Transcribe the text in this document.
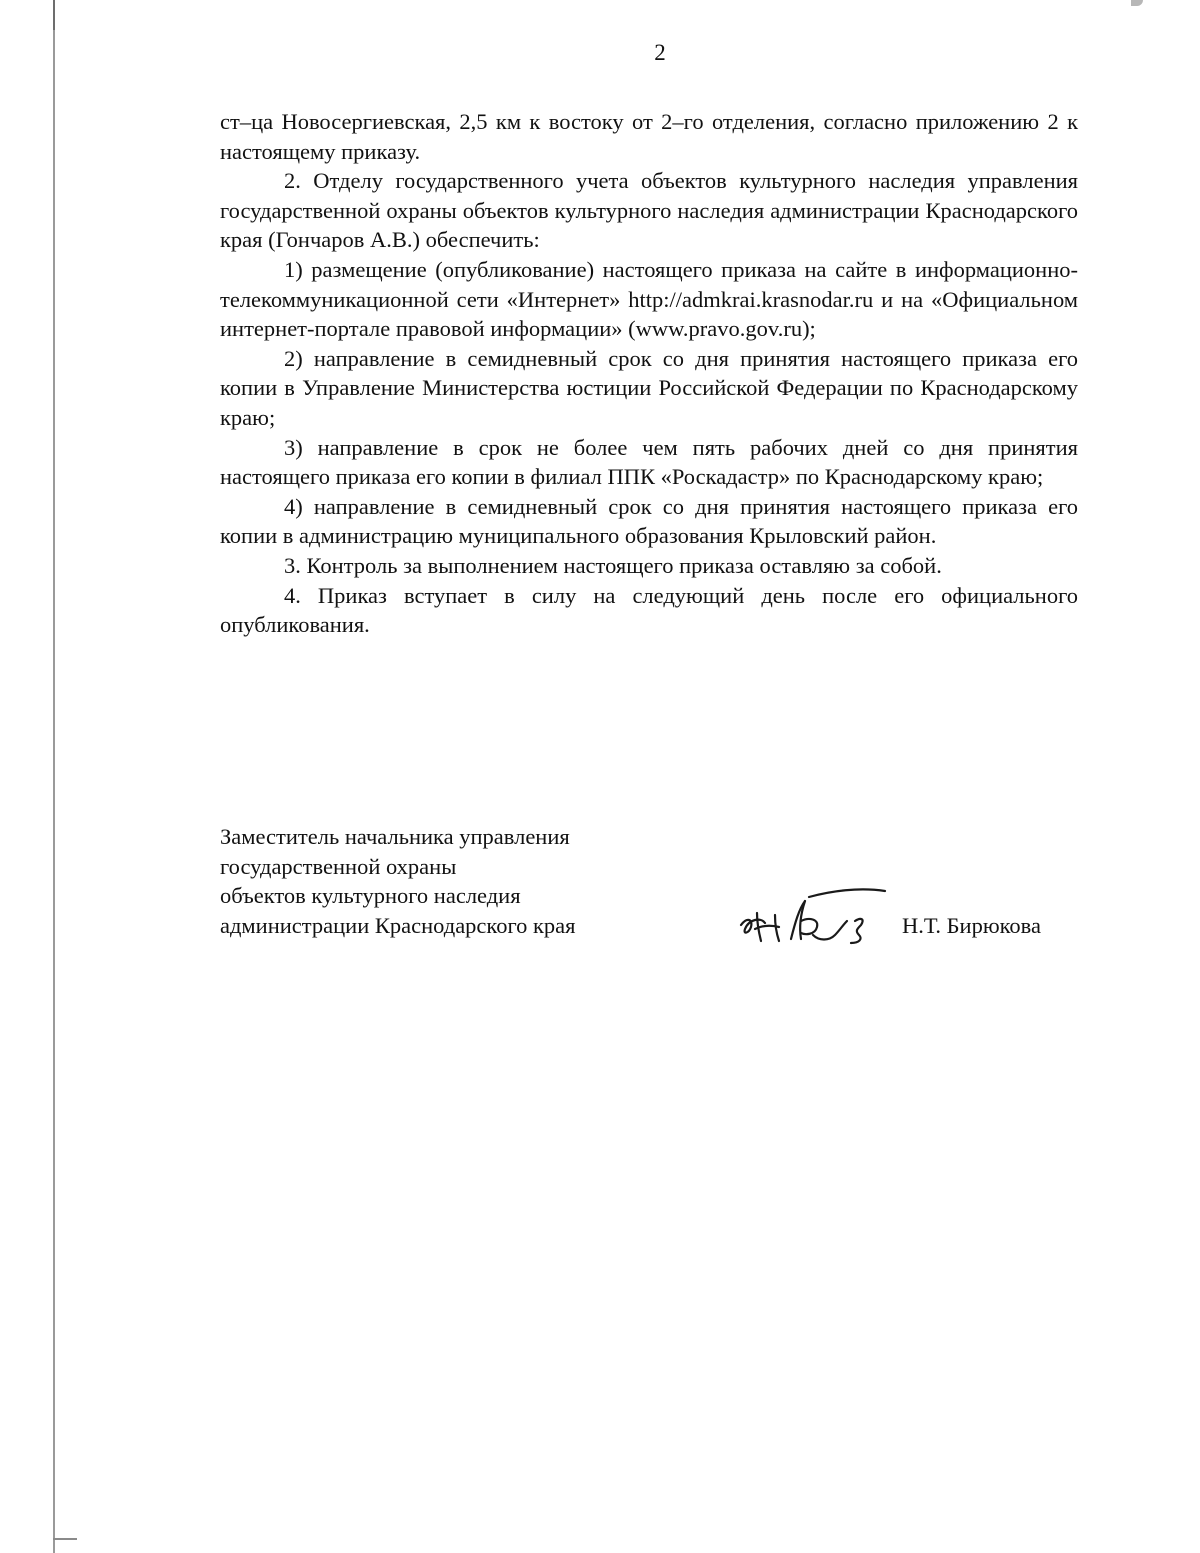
2

ст–ца Новосергиевская, 2,5 км к востоку от 2–го отделения, согласно приложению 2 к настоящему приказу.

2. Отделу государственного учета объектов культурного наследия управления государственной охраны объектов культурного наследия администрации Краснодарского края (Гончаров А.В.) обеспечить:

1) размещение (опубликование) настоящего приказа на сайте в информационно-телекоммуникационной сети «Интернет» http://admkrai.krasnodar.ru и на «Официальном интернет-портале правовой информации» (www.pravo.gov.ru);

2) направление в семидневный срок со дня принятия настоящего приказа его копии в Управление Министерства юстиции Российской Федерации по Краснодарскому краю;

3) направление в срок не более чем пять рабочих дней со дня принятия настоящего приказа его копии в филиал ППК «Роскадастр» по Краснодарскому краю;

4) направление в семидневный срок со дня принятия настоящего приказа его копии в администрацию муниципального образования Крыловский район.

3. Контроль за выполнением настоящего приказа оставляю за собой.

4. Приказ вступает в силу на следующий день после его официального опубликования.

Заместитель начальника управления
государственной охраны
объектов культурного наследия
администрации Краснодарского края	Н.Т. Бирюкова
